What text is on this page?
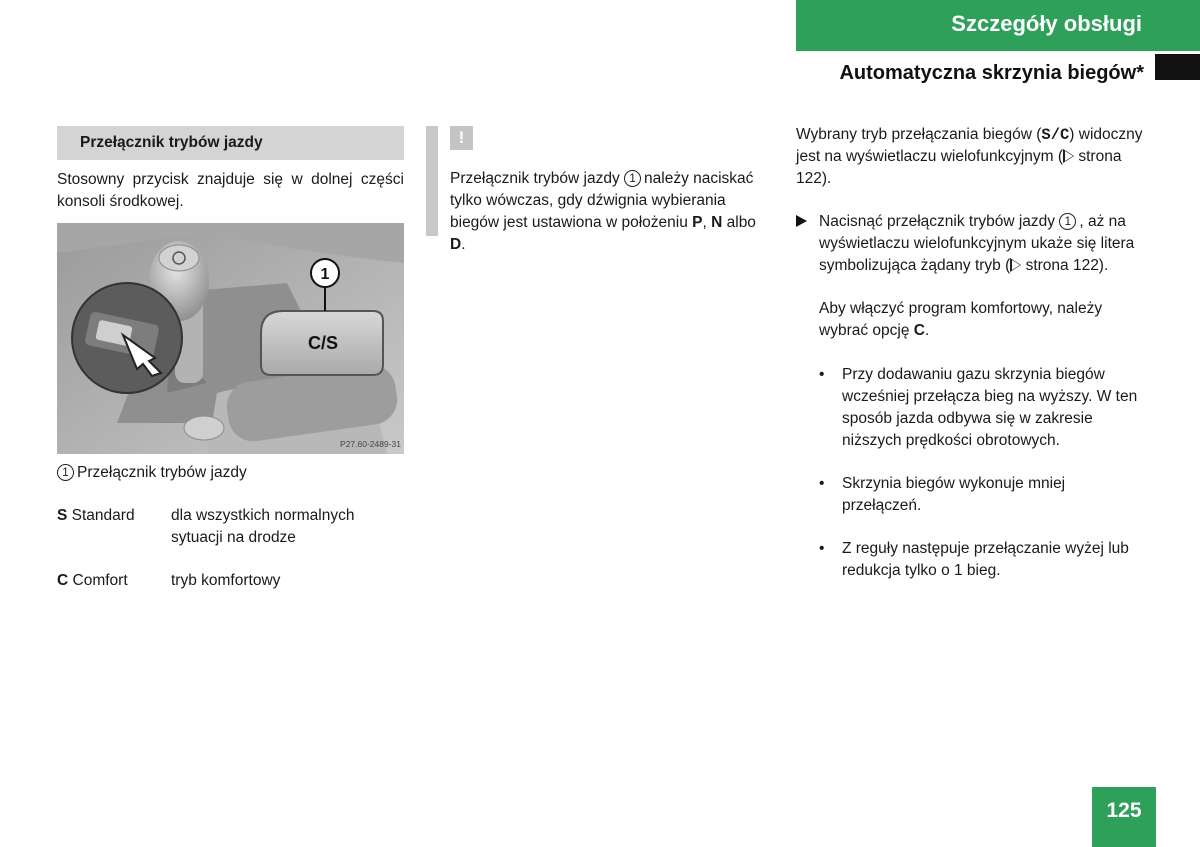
Szczegóły obsługi
Automatyczna skrzynia biegów*
Przełącznik trybów jazdy
Stosowny przycisk znajduje się w dolnej części konsoli środkowej.
C/S
1
P27.60-2489-31
1 Przełącznik trybów jazdy
S Standard	dla wszystkich normalnych sytuacji na drodze
C Comfort	tryb komfortowy
!
Przełącznik trybów jazdy 1 należy naciskać tylko wówczas, gdy dźwignia wybierania biegów jest ustawiona w położeniu P, N albo D.
Wybrany tryb przełączania biegów (S/C) widoczny jest na wyświetlaczu wielofunkcyjnym ( strona 122).
Nacisnąć przełącznik trybów jazdy 1 , aż na wyświetlaczu wielofunkcyjnym ukaże się litera symbolizująca żądany tryb ( strona 122).
Aby włączyć program komfortowy, należy wybrać opcję C.
• Przy dodawaniu gazu skrzynia biegów wcześniej przełącza bieg na wyższy. W ten sposób jazda odbywa się w zakresie niższych prędkości obrotowych.
• Skrzynia biegów wykonuje mniej przełączeń.
• Z reguły następuje przełączanie wyżej lub redukcja tylko o 1 bieg.
125
